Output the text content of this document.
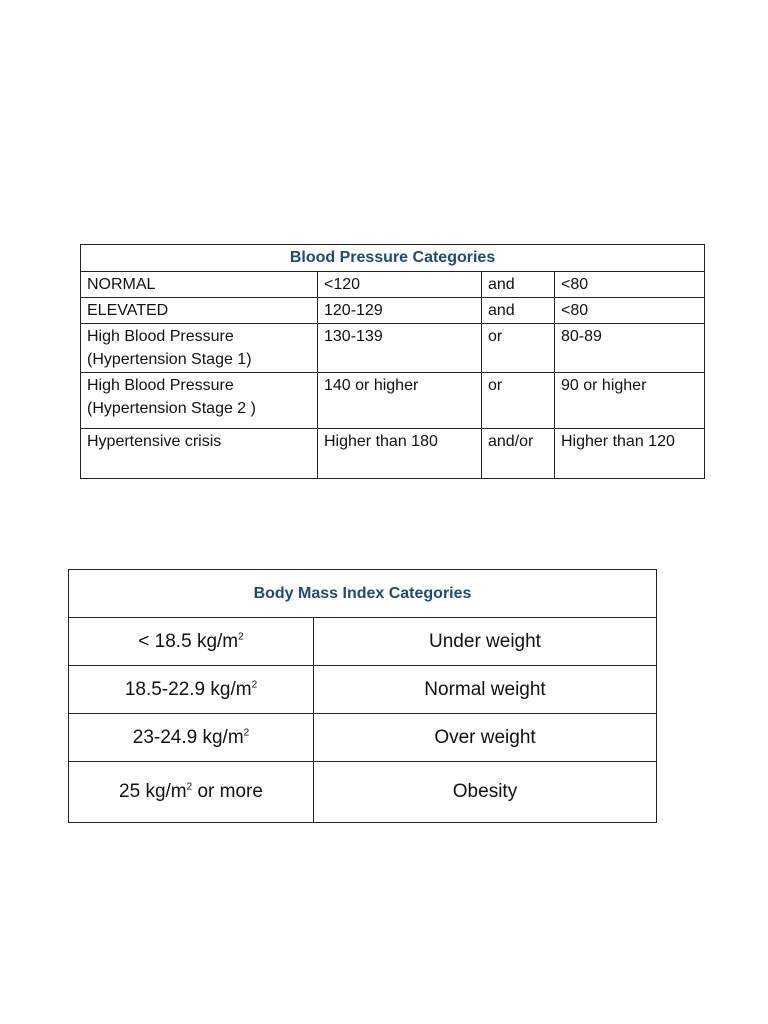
Blood Pressure Categories			
NORMAL	<120	and	<80
ELEVATED	120-129	and	<80

High Blood Pressure
(Hypertension Stage 1)	130-139	or	80-89

High Blood Pressure
(Hypertension Stage 2 )	140 or higher	or	90 or higher
Hypertensive crisis	Higher than 180	and/or	Higher than 120
Body Mass Index Categories	
< 18.5 $kg/m^2$	Under weight
18.5-22.9 $kg/m^2$	Normal weight
23-24.9 $kg/m^2$	Over weight
25 $kg/m^2$ or more	Obesity
